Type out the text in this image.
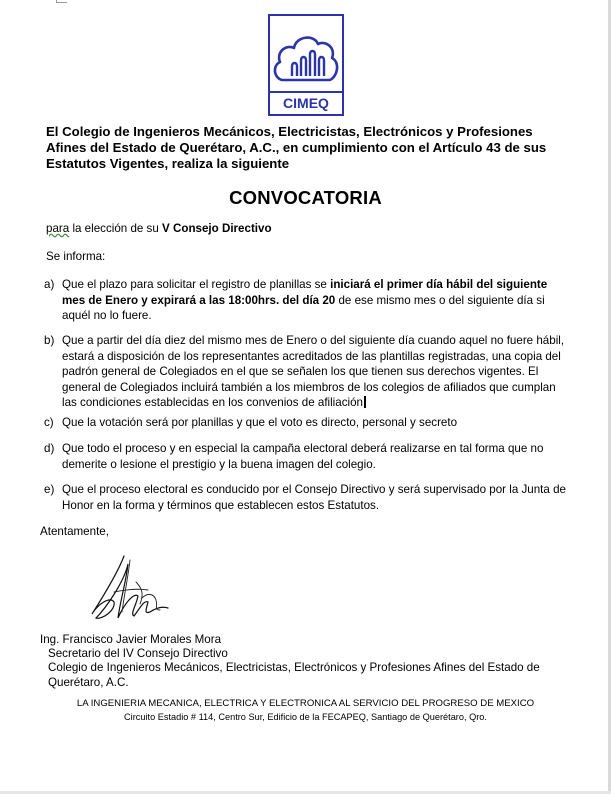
CIMEQ
El Colegio de Ingenieros Mecánicos, Electricistas, Electrónicos y Profesiones Afines del Estado de Querétaro, A.C., en cumplimiento con el Artículo 43 de sus Estatutos Vigentes, realiza la siguiente
CONVOCATORIA
para la elección de su V Consejo Directivo
Se informa:
a) Que el plazo para solicitar el registro de planillas se iniciará el primer día hábil del siguiente mes de Enero y expirará a las 18:00hrs. del día 20 de ese mismo mes o del siguiente día si aquél no lo fuere.
b) Que a partir del día diez del mismo mes de Enero o del siguiente día cuando aquel no fuere hábil, estará a disposición de los representantes acreditados de las plantillas registradas, una copia del padrón general de Colegiados en el que se señalen los que tienen sus derechos vigentes. El general de Colegiados incluirá también a los miembros de los colegios de afiliados que cumplan las condiciones establecidas en los convenios de afiliación
c) Que la votación será por planillas y que el voto es directo, personal y secreto
d) Que todo el proceso y en especial la campaña electoral deberá realizarse en tal forma que no demerite o lesione el prestigio y la buena imagen del colegio.
e) Que el proceso electoral es conducido por el Consejo Directivo y será supervisado por la Junta de Honor en la forma y términos que establecen estos Estatutos.
Atentamente,
Ing. Francisco Javier Morales Mora
Secretario del IV Consejo Directivo
Colegio de Ingenieros Mecánicos, Electricistas, Electrónicos y Profesiones Afines del Estado de Querétaro, A.C.
LA INGENIERIA MECANICA, ELECTRICA Y ELECTRONICA AL SERVICIO DEL PROGRESO DE MEXICO
Circuito Estadio # 114, Centro Sur, Edificio de la FECAPEQ, Santiago de Querétaro, Qro.
